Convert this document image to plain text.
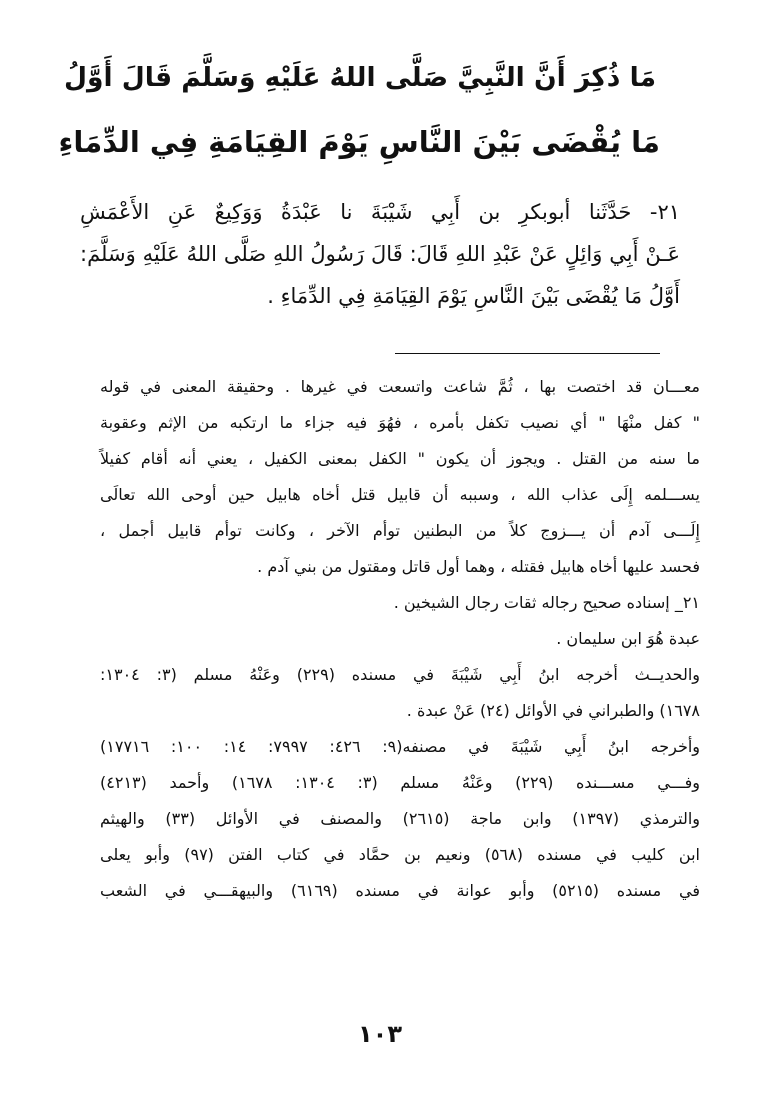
مَا ذُكِرَ أَنَّ النَّبِيَّ صَلَّى اللهُ عَلَيْهِ وَسَلَّمَ قَالَ أَوَّلُ
مَا يُقْضَى بَيْنَ النَّاسِ يَوْمَ القِيَامَةِ فِي الدِّمَاءِ
٢١- حَدَّثَنا أبوبكرِ بن أَبِي شَيْبَةَ نا عَبْدَةُ وَوَكِيعٌ عَنِ الأَعْمَشِ
عَـنْ أَبِي وَائِلٍ عَنْ عَبْدِ اللهِ قَالَ: قَالَ رَسُولُ اللهِ صَلَّى اللهُ عَلَيْهِ وَسَلَّمَ:
أَوَّلُ مَا يُقْضَى بَيْنَ النَّاسِ يَوْمَ القِيَامَةِ فِي الدِّمَاءِ .
معـــان قد اختصت بها ، ثُمَّ شاعت واتسعت في غيرها . وحقيقة المعنى في قوله
" كفل منْهَا " أي نصيب تكفل بأمره ، فهُوَ فيه جزاء ما ارتكبه من الإثم وعقوبة
ما سنه من القتل . ويجوز أن يكون " الكفل بمعنى الكفيل ، يعني أنه أقام كفيلاً
يســـلمه إِلَى عذاب الله ، وسببه أن قابيل قتل أخاه هابيل حين أوحى الله تعالَى
إِلَـــى آدم أن يـــزوج كلاً من البطنين توأم الآخر ، وكانت توأم قابيل أجمل ،
فحسد عليها أخاه هابيل فقتله ، وهما أول قاتل ومقتول من بني آدم .
٢١_ إسناده صحيح رجاله ثقات رجال الشيخين .
عبدة هُوَ ابن سليمان .
والحديــث أخرجه ابنُ أَبِي شَيْبَةَ في مسنده (٢٢٩) وعَنْهُ مسلم (٣: ١٣٠٤:
١٦٧٨) والطبراني في الأوائل (٢٤) عَنْ عبدة .
وأخرجه ابنُ أَبِي شَيْبَةَ في مصنفه(٩: ٤٢٦: ٧٩٩٧: ١٤: ١٠٠: ١٧٧١٦)
وفـــي مســـنده (٢٢٩) وعَنْهُ مسلم (٣: ١٣٠٤: ١٦٧٨) وأحمد (٤٢١٣)
والترمذي (١٣٩٧) وابن ماجة (٢٦١٥) والمصنف في الأوائل (٣٣) والهيثم
ابن كليب في مسنده (٥٦٨) ونعيم بن حمَّاد في كتاب الفتن (٩٧) وأبو يعلى
في مسنده (٥٢١٥) وأبو عوانة في مسنده (٦١٦٩) والبيهقـــي في الشعب
١٠٣
